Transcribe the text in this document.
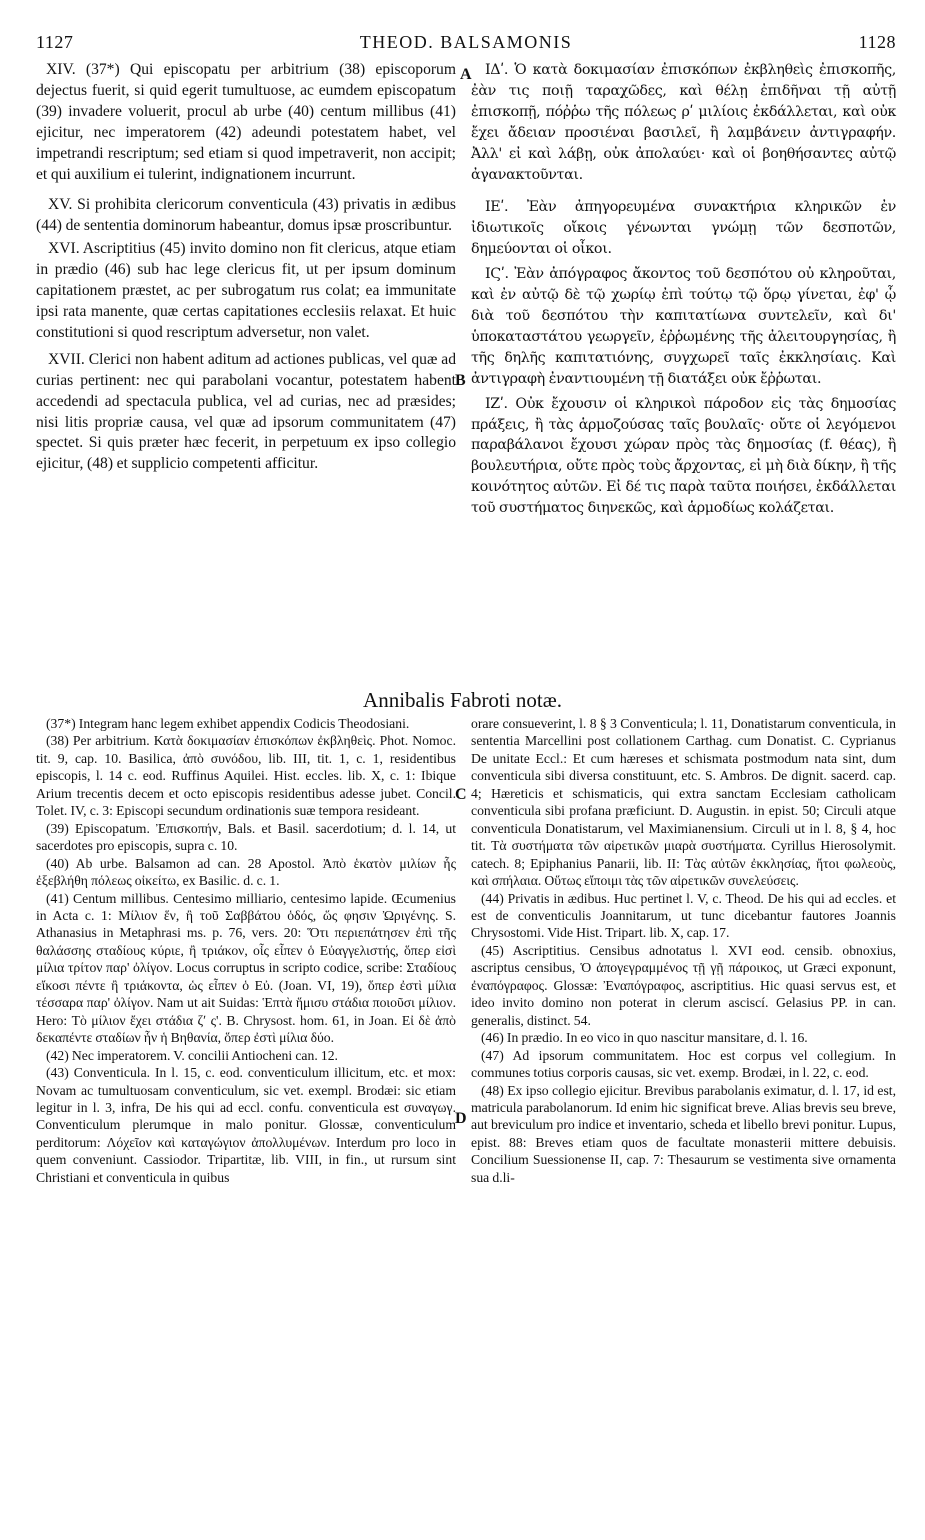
1127	THEOD. BALSAMONIS	1128

XIV. (37*) Qui episcopatu per arbitrium (38) episcoporum dejectus fuerit, si quid egerit tumultuose, ac eumdem episcopatum (39) invadere voluerit, procul ab urbe (40) centum millibus (41) ejicitur, nec imperatorem (42) adeundi potestatem habet, vel impetrandi rescriptum; sed etiam si quod impetraverit, non accipit; et qui auxilium ei tulerint, indignationem incurrunt.

XV. Si prohibita clericorum conventicula (43) privatis in ædibus (44) de sententia dominorum habeantur, domus ipsæ proscribuntur.

XVI. Ascriptitius (45) invito domino non fit clericus, atque etiam in prædio (46) sub hac lege clericus fit, ut per ipsum dominum capitationem præstet, ac per subrogatum rus colat; ea immunitate ipsi rata manente, quæ certas capitationes ecclesiis relaxat. Et huic constitutioni si quod rescriptum adversetur, non valet.

XVII. Clerici non habent aditum ad actiones publicas, vel quæ ad curias pertinent: nec qui parabolani vocantur, potestatem habent accedendi ad spectacula publica, vel ad curias, nec ad præsides; nisi litis propriæ causa, vel quæ ad ipsorum communitatem (47) spectet. Si quis præter hæc fecerit, in perpetuum ex ipso collegio ejicitur, (48) et supplicio competenti afficitur.

A
B

ΙΔʹ. Ὁ κατὰ δοκιμασίαν ἐπισκόπων ἐκβληθεὶς ἐπισκοπῆς, ἐὰν τις ποιῇ ταραχῶδες, καὶ θέλῃ ἐπιδῆναι τῇ αὐτῇ ἐπισκοπῇ, πόῤῥω τῆς πόλεως ρʹ μιλίοις ἐκδάλλεται, καὶ οὐκ ἔχει ἄδειαν προσιέναι βασιλεῖ, ἢ λαμβάνειν ἀντιγραφήν. Ἀλλ' εἰ καὶ λάβῃ, οὐκ ἀπολαύει· καὶ οἱ βοηθήσαντες αὐτῷ ἀγανακτοῦνται.

ΙΕʹ. Ἐὰν ἀπηγορευμένα συνακτήρια κληρικῶν ἐν ἰδιωτικοῖς οἴκοις γένωνται γνώμῃ τῶν δεσποτῶν, δημεύονται οἱ οἶκοι.

ΙϚʹ. Ἐὰν ἀπόγραφος ἄκοντος τοῦ δεσπότου οὐ κληροῦται, καὶ ἐν αὐτῷ δὲ τῷ χωρίῳ ἐπὶ τούτῳ τῷ ὅρῳ γίνεται, ἐφ' ᾧ διὰ τοῦ δεσπότου τὴν καπιτατίωνα συντελεῖν, καὶ δι' ὑποκαταστάτου γεωργεῖν, ἐῤῥωμένης τῆς ἀλειτουργησίας, ἢ τῆς δηλῆς καπιτατιόνης, συγχωρεῖ ταῖς ἐκκλησίαις. Καὶ ἀντιγραφὴ ἐναντιουμένη τῇ διατάξει οὐκ ἔῤῥωται.

ΙΖʹ. Οὐκ ἔχουσιν οἱ κληρικοὶ πάροδον εἰς τὰς δημοσίας πράξεις, ἢ τὰς ἁρμοζούσας ταῖς βουλαῖς· οὔτε οἱ λεγόμενοι παραβάλανοι ἔχουσι χώραν πρὸς τὰς δημοσίας (f. θέας), ἢ βουλευτήρια, οὔτε πρὸς τοὺς ἄρχοντας, εἰ μὴ διὰ δίκην, ἢ τῆς κοινότητος αὐτῶν. Εἰ δέ τις παρὰ ταῦτα ποιήσει, ἐκδάλλεται τοῦ συστήματος διηνεκῶς, καὶ ἁρμοδίως κολάζεται.

Annibalis Fabroti notæ.

(37*) Integram hanc legem exhibet appendix Codicis Theodosiani.

(38) Per arbitrium. Κατὰ δοκιμασίαν ἐπισκόπων ἐκβληθεὶς. Phot. Nomoc. tit. 9, cap. 10. Basilica, ἀπὸ συνόδου, lib. III, tit. 1, c. 1, residentibus episcopis, l. 14 c. eod. Ruffinus Aquilei. Hist. eccles. lib. X, c. 1: Ibique Arium trecentis decem et octo episcopis residentibus adesse jubet. Concil. Tolet. IV, c. 3: Episcopi secundum ordinationis suæ tempora resideant.

(39) Episcopatum. Ἐπισκοπήν, Bals. et Basil. sacerdotium; d. l. 14, ut sacerdotes pro episcopis, supra c. 10.

(40) Ab urbe. Balsamon ad can. 28 Apostol. Ἀπὸ ἑκατὸν μιλίων ἧς ἐξεβλήθη πόλεως οἰκείτω, ex Basilic. d. c. 1.

(41) Centum millibus. Centesimo milliario, centesimo lapide. Œcumenius in Acta c. 1: Μίλιον ἕν, ἢ τοῦ Σαββάτου ὁδός, ὥς φησιν Ὠριγένης. S. Athanasius in Metaphrasi ms. p. 76, vers. 20: Ὅτι περιεπάτησεν ἐπὶ τῆς θαλάσσης σταδίους κύριε, ἢ τριάκον, οἷς εἶπεν ὁ Εὐαγγελιστής, ὅπερ εἰσὶ μίλια τρίτον παρ' ὀλίγον. Locus corruptus in scripto codice, scribe: Σταδίους εἴκοσι πέντε ἢ τριάκοντα, ὡς εἶπεν ὁ Εὐ. (Joan. VI, 19), ὅπερ ἐστὶ μίλια τέσσαρα παρ' ὀλίγον. Nam ut ait Suidas: Ἑπτὰ ἥμισυ στάδια ποιοῦσι μίλιον. Hero: Τὸ μίλιον ἔχει στάδια ζʹ ς'. B. Chrysost. hom. 61, in Joan. Εἰ δὲ ἀπὸ δεκαπέντε σταδίων ἦν ἡ Βηθανία, ὅπερ ἐστὶ μίλια δύο.

(42) Nec imperatorem. V. concilii Antiocheni can. 12.

(43) Conventicula. In l. 15, c. eod. conventiculum illicitum, etc. et mox: Novam ac tumultuosam conventiculum, sic vet. exempl. Brodæi: sic etiam legitur in l. 3, infra, De his qui ad eccl. confu. conventicula est συναγωγ. Conventiculum plerumque in malo ponitur. Glossæ, conventiculum perditorum: Λόχεῖον καὶ καταγώγιον ἀπολλυμένων. Interdum pro loco in quem conveniunt. Cassiodor. Tripartitæ, lib. VIII, in fin., ut rursum sint Christiani et conventicula in quibus

C
D

orare consueverint, l. 8 § 3 Conventicula; l. 11, Donatistarum conventicula, in sententia Marcellini post collationem Carthag. cum Donatist. C. Cyprianus De unitate Eccl.: Et cum hæreses et schismata postmodum nata sint, dum conventicula sibi diversa constituunt, etc. S. Ambros. De dignit. sacerd. cap. 4; Hæreticis et schismaticis, qui extra sanctam Ecclesiam catholicam conventicula sibi profana præficiunt. D. Augustin. in epist. 50; Circuli atque conventicula Donatistarum, vel Maximianensium. Circuli ut in l. 8, § 4, hoc tit. Τὰ συστήματα τῶν αἱρετικῶν μιαρὰ συστήματα. Cyrillus Hierosolymit. catech. 8; Epiphanius Panarii, lib. II: Τὰς αὐτῶν ἐκκλησίας, ἤτοι φωλεοὺς, καὶ σπήλαια. Οὕτως εἴποιμι τὰς τῶν αἱρετικῶν συνελεύσεις.

(44) Privatis in ædibus. Huc pertinet l. V, c. Theod. De his qui ad eccles. et est de conventiculis Joannitarum, ut tunc dicebantur fautores Joannis Chrysostomi. Vide Hist. Tripart. lib. X, cap. 17.

(45) Ascriptitius. Censibus adnotatus l. XVI eod. censib. obnoxius, ascriptus censibus, Ὁ ἀπογεγραμμένος τῇ γῇ πάροικος, ut Græci exponunt, ἐναπόγραφος. Glossæ: Ἐναπόγραφος, ascriptitius. Hic quasi servus est, et ideo invito domino non poterat in clerum asciscí. Gelasius PP. in can. generalis, distinct. 54.

(46) In prædio. In eo vico in quo nascitur mansitare, d. l. 16.

(47) Ad ipsorum communitatem. Hoc est corpus vel collegium. In communes totius corporis causas, sic vet. exemp. Brodæi, in l. 22, c. eod.

(48) Ex ipso collegio ejicitur. Brevibus parabolanis eximatur, d. l. 17, id est, matricula parabolanorum. Id enim hic significat breve. Alias brevis seu breve, aut breviculum pro indice et inventario, scheda et libello brevi ponitur. Lupus, epist. 88: Breves etiam quos de facultate monasterii mittere debuisis. Concilium Suessionense II, cap. 7: Thesaurum se vestimenta sive ornamenta sua d.li-
